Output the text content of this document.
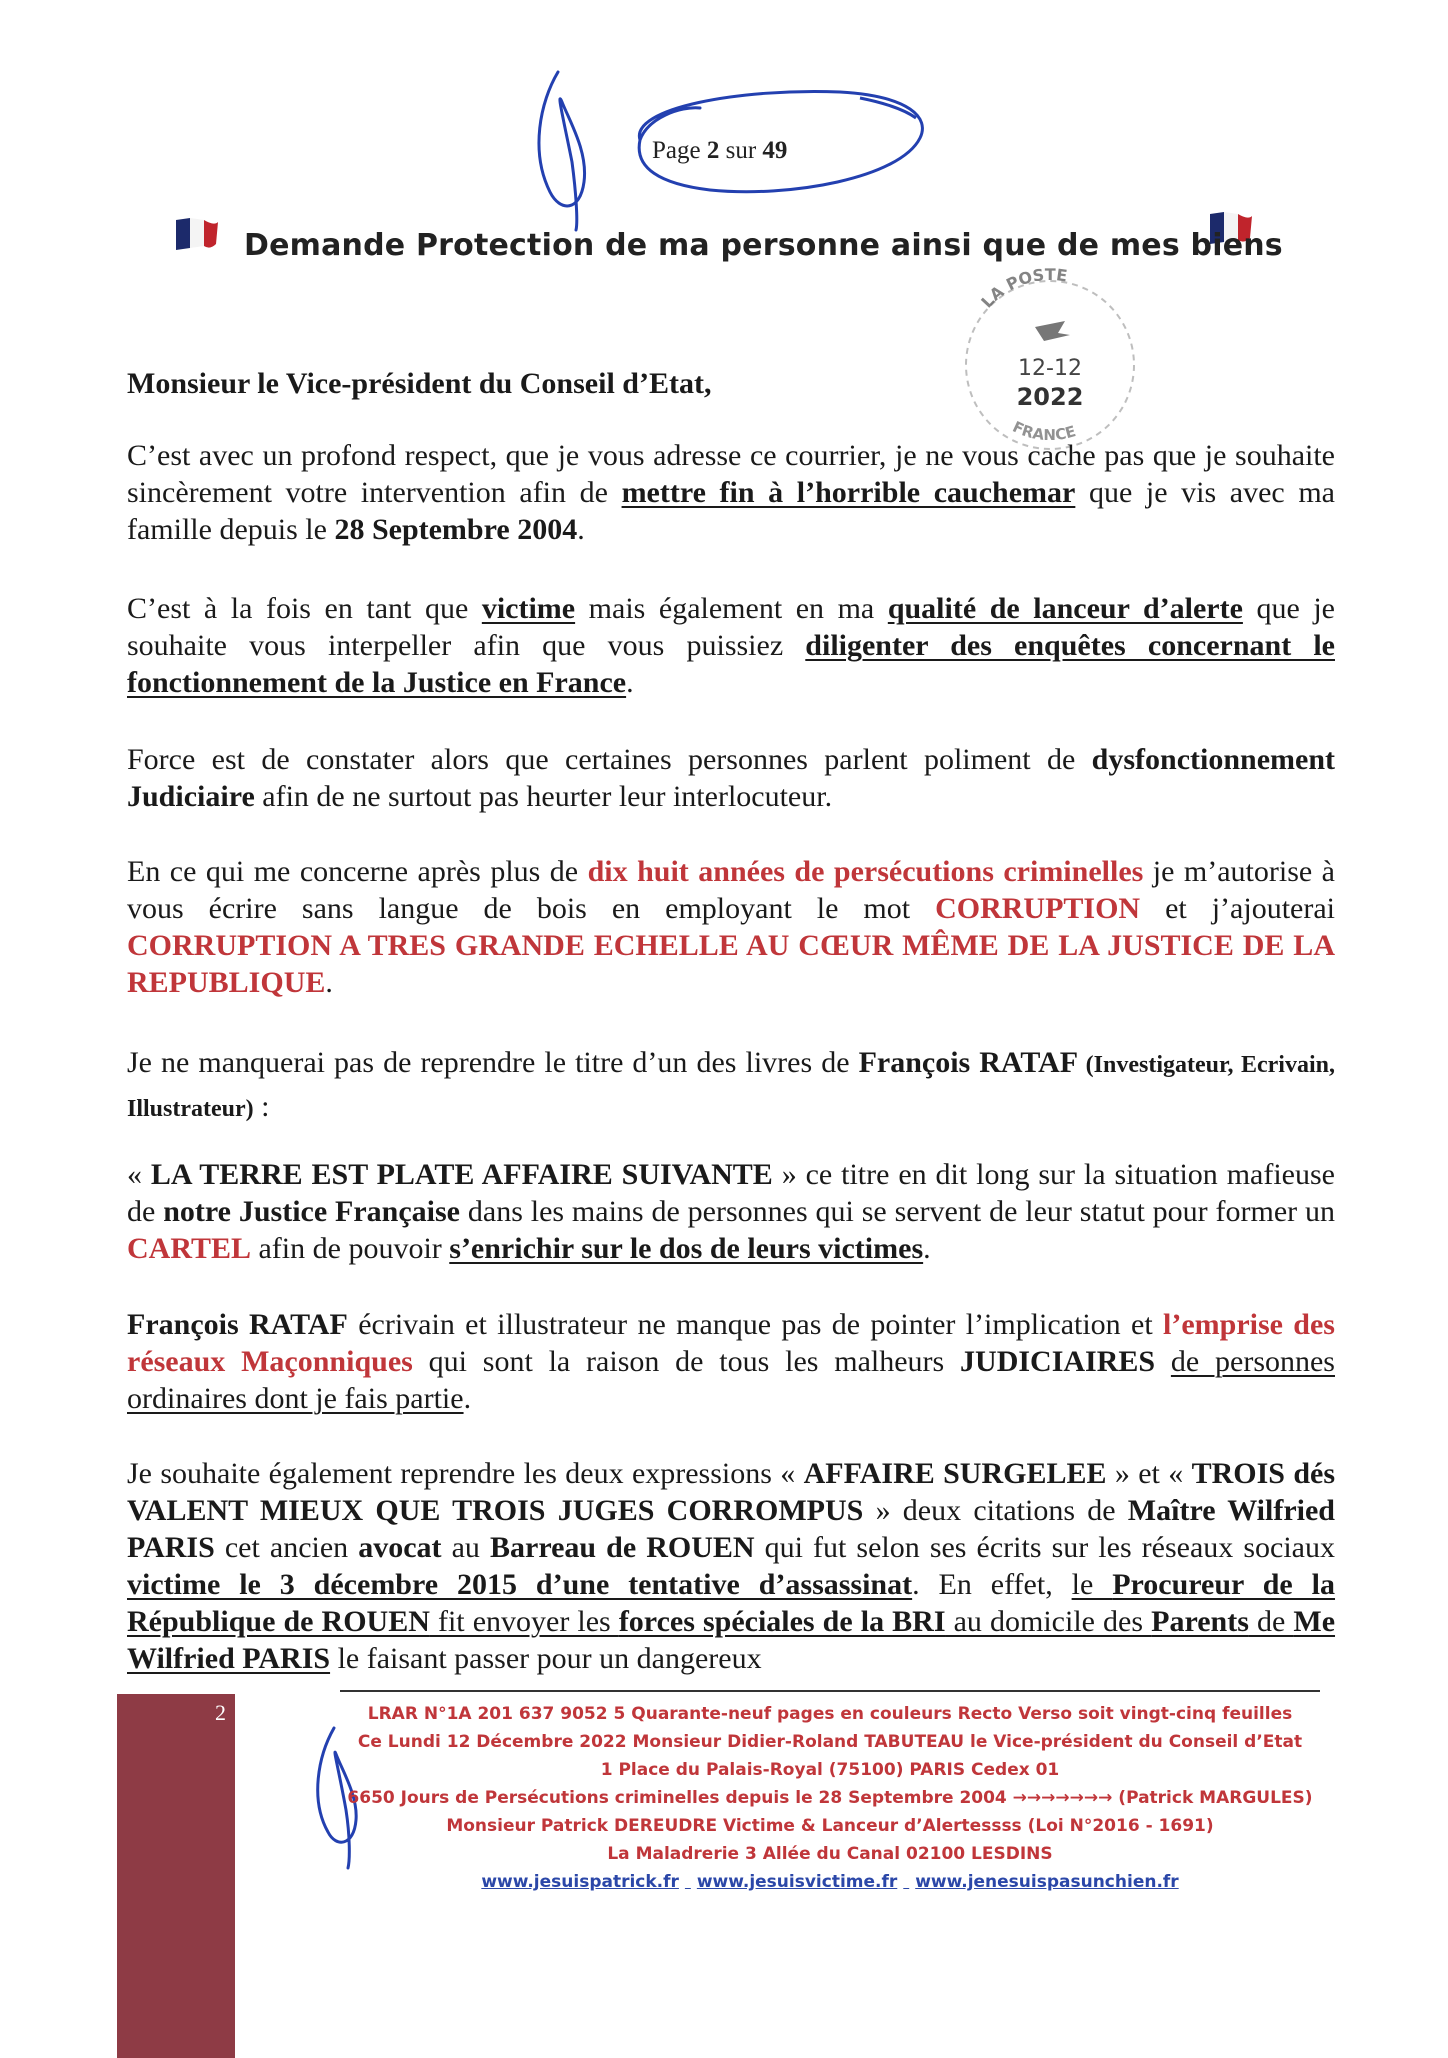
Page 2 sur 49
Demande Protection de ma personne ainsi que de mes biens
LA POSTE
12-12
2022
FRANCE
Monsieur le Vice-président du Conseil d’Etat,
C’est avec un profond respect, que je vous adresse ce courrier, je ne vous cache pas que je souhaite sincèrement votre intervention afin de mettre fin à l’horrible cauchemar que je vis avec ma famille depuis le 28 Septembre 2004.
C’est à la fois en tant que victime mais également en ma qualité de lanceur d’alerte que je souhaite vous interpeller afin que vous puissiez diligenter des enquêtes concernant le fonctionnement de la Justice en France.
Force est de constater alors que certaines personnes parlent poliment de dysfonctionnement Judiciaire afin de ne surtout pas heurter leur interlocuteur.
En ce qui me concerne après plus de dix huit années de persécutions criminelles je m’autorise à vous écrire sans langue de bois en employant le mot CORRUPTION et j’ajouterai CORRUPTION A TRES GRANDE ECHELLE AU CŒUR MÊME DE LA JUSTICE DE LA REPUBLIQUE.
Je ne manquerai pas de reprendre le titre d’un des livres de François RATAF (Investigateur, Ecrivain, Illustrateur) :
« LA TERRE EST PLATE AFFAIRE SUIVANTE » ce titre en dit long sur la situation mafieuse de notre Justice Française dans les mains de personnes qui se servent de leur statut pour former un CARTEL afin de pouvoir s’enrichir sur le dos de leurs victimes.
François RATAF écrivain et illustrateur ne manque pas de pointer l’implication et l’emprise des réseaux Maçonniques qui sont la raison de tous les malheurs JUDICIAIRES de personnes ordinaires dont je fais partie.
Je souhaite également reprendre les deux expressions « AFFAIRE SURGELEE » et « TROIS dés VALENT MIEUX QUE TROIS JUGES CORROMPUS » deux citations de Maître Wilfried PARIS cet ancien avocat au Barreau de ROUEN qui fut selon ses écrits sur les réseaux sociaux victime le 3 décembre 2015 d’une tentative d’assassinat. En effet, le Procureur de la République de ROUEN fit envoyer les forces spéciales de la BRI au domicile des Parents de Me Wilfried PARIS le faisant passer pour un dangereux
2	LRAR N°1A 201 637 9052 5 Quarante-neuf pages en couleurs Recto Verso soit vingt-cinq feuilles
Ce Lundi 12 Décembre 2022 Monsieur Didier-Roland TABUTEAU le Vice-président du Conseil d’Etat
1 Place du Palais-Royal (75100) PARIS Cedex 01
6650 Jours de Persécutions criminelles depuis le 28 Septembre 2004 →→→→→→→ (Patrick MARGULES)
Monsieur Patrick DEREUDRE Victime & Lanceur d’Alertessss (Loi N°2016 - 1691)
La Maladrerie 3 Allée du Canal 02100 LESDINS
www.jesuispatrick.fr www.jesuisvictime.fr www.jenesuispasunchien.fr
